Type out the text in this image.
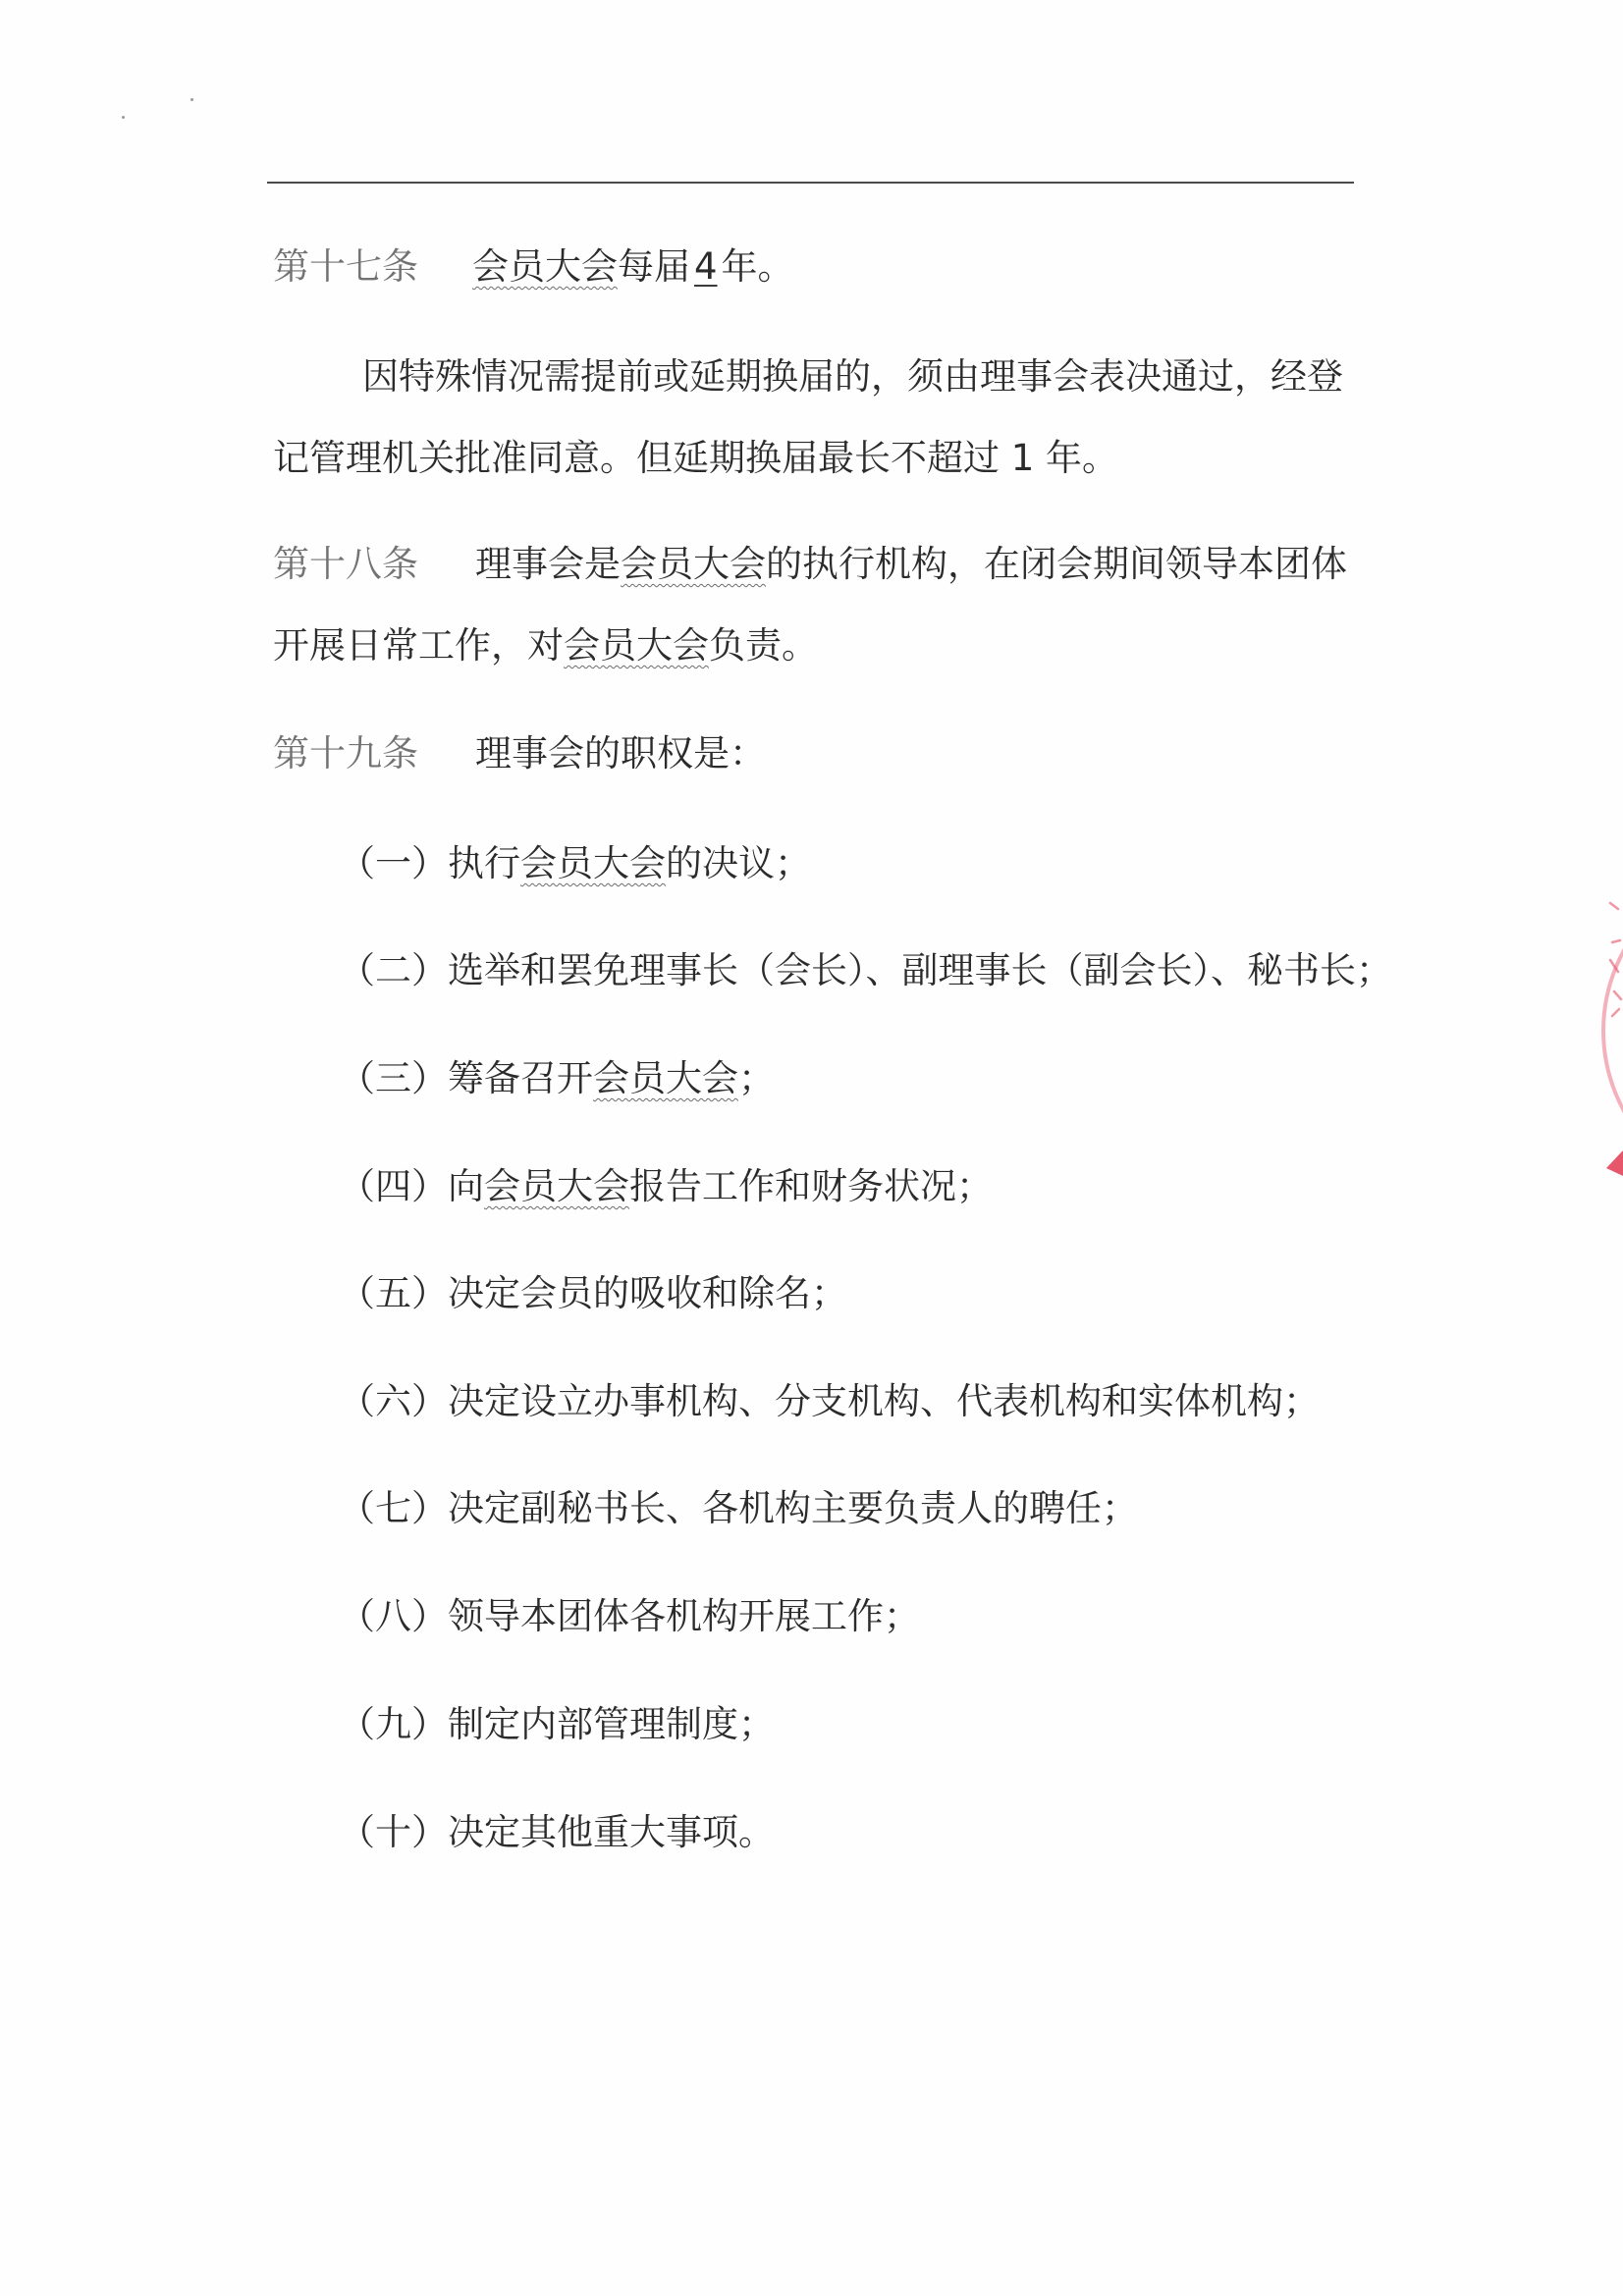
第十七条 会员大会每届 4 年。
因特殊情况需提前或延期换届的，须由理事会表决通过，经登
记管理机关批准同意。但延期换届最长不超过 1 年。
第十八条 理事会是会员大会的执行机构，在闭会期间领导本团体
开展日常工作，对会员大会负责。
第十九条 理事会的职权是：
（一）执行会员大会的决议；
（二）选举和罢免理事长（会长）、副理事长（副会长）、秘书长；
（三）筹备召开会员大会；
（四）向会员大会报告工作和财务状况；
（五）决定会员的吸收和除名；
（六）决定设立办事机构、分支机构、代表机构和实体机构；
（七）决定副秘书长、各机构主要负责人的聘任；
（八）领导本团体各机构开展工作；
（九）制定内部管理制度；
（十）决定其他重大事项。
